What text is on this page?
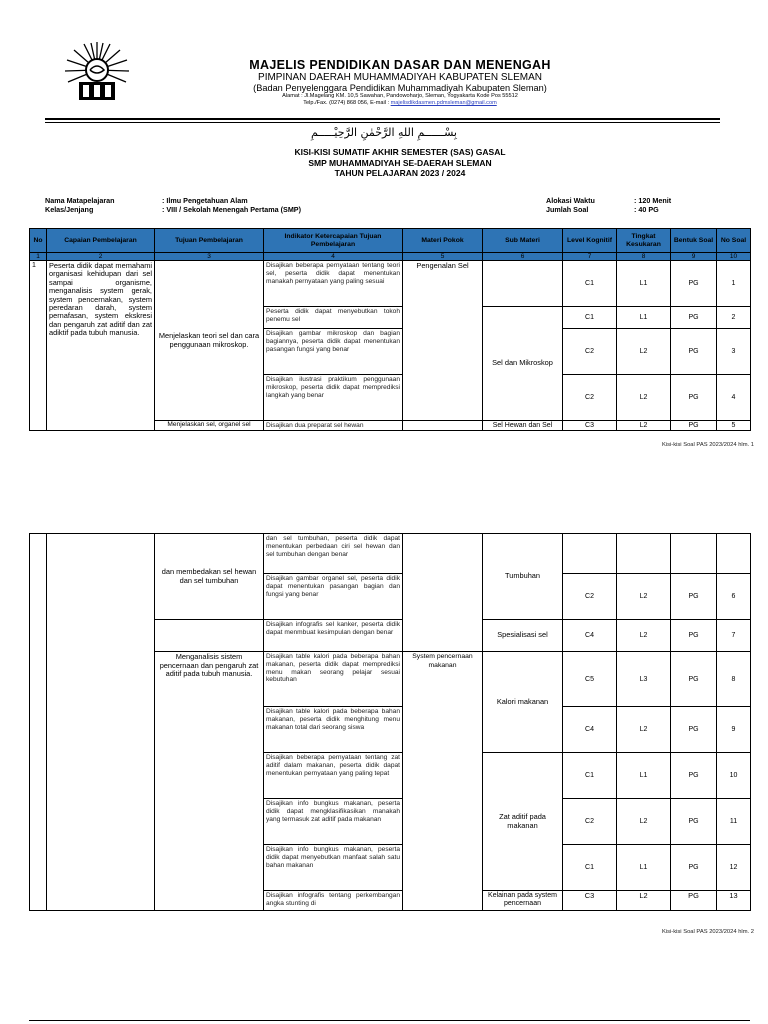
MAJELIS PENDIDIKAN DASAR DAN MENENGAH
PIMPINAN DAERAH MUHAMMADIYAH KABUPATEN SLEMAN
(Badan Penyelenggara Pendidikan Muhammadiyah Kabupaten Sleman)
Alamat : Jl.Magelang KM. 10,5 Sawahan, Pandowoharjo, Sleman, Yogyakarta Kode Pos 55512
Telp./Fax. (0274) 868 056, E-mail : majelisdikdasmen.pdmsleman@gmail.com
بِسْــــــمِ اللهِ الرَّحْمٰنِ الرَّحِيْـــــمِ
KISI-KISI SUMATIF AKHIR SEMESTER (SAS) GASAL
SMP MUHAMMADIYAH SE-DAERAH SLEMAN
TAHUN PELAJARAN 2023 / 2024
Nama Matapelajaran	: Ilmu Pengetahuan Alam
Kelas/Jenjang	: VIII / Sekolah Menengah Pertama (SMP)
Alokasi Waktu	: 120 Menit
Jumlah Soal	: 40 PG
No	Capaian Pembelajaran	Tujuan Pembelajaran	Indikator Ketercapaian Tujuan Pembelajaran	Materi Pokok	Sub Materi	Level Kognitif	Tingkat Kesukaran	Bentuk Soal	No Soal
1	2	3	4	5	6	7	8	9	10
1	Peserta didik dapat memahami organisasi kehidupan dari sel sampai organisme, menganalisis system gerak, system pencernakan, system peredaran darah, system pernafasan, system ekskresi dan pengaruh zat aditif dan zat adiktif pada tubuh manusia.	Menjelaskan teori sel dan cara penggunaan mikroskop.	Disajikan beberapa pernyataan tentang teori sel, peserta didik dapat menentukan manakah pernyataan yang paling sesuai	Pengenalan Sel		C1	L1	PG	1
			Peserta didik dapat menyebutkan tokoh penemu sel		Sel dan Mikroskop	C1	L1	PG	2
			Disajikan gambar mikroskop dan bagian bagiannya, peserta didik dapat menentukan pasangan fungsi yang benar			C2	L2	PG	3
			Disajikan ilustrasi praktikum penggunaan mikroskop, peserta didik dapat memprediksi langkah yang benar			C2	L2	PG	4
		Menjelaskan sel, organel sel	Disajikan dua preparat sel hewan		Sel Hewan dan Sel	C3	L2	PG	5
Kisi-kisi Soal PAS 2023/2024 hlm. 1
		dan membedakan sel hewan dan sel tumbuhan	dan sel tumbuhan, peserta didik dapat menentukan perbedaan ciri sel hewan dan sel tumbuhan dengan benar		Tumbuhan				
			Disajikan gambar organel sel, peserta didik dapat menentukan pasangan bagian dan fungsi yang benar			C2	L2	PG	6
			Disajikan infografis sel kanker, peserta didik dapat menmbuat kesimpulan dengan benar		Spesialisasi sel	C4	L2	PG	7
		Menganalisis sistem pencernaan dan pengaruh zat aditif pada tubuh manusia.	Disajikan table kalori pada beberapa bahan makanan, peserta didik dapat memprediksi menu makan seorang pelajar sesuai kebutuhan	System pencernaan makanan	Kalori makanan	C5	L3	PG	8
			Disajikan table kalori pada beberapa bahan makanan, peserta didik menghitung menu makanan total dari seorang siswa			C4	L2	PG	9
			Disajikan beberapa pernyataan tentang zat aditif dalam makanan, peserta didik dapat menentukan pernyataan yang paling tepat		Zat aditif pada makanan	C1	L1	PG	10
			Disajikan info bungkus makanan, peserta didik dapat mengklasifikasikan manakah yang termasuk zat aditif pada makanan			C2	L2	PG	11
			Disajikan info bungkus makanan, peserta didik dapat menyebutkan manfaat salah satu bahan makanan			C1	L1	PG	12
			Disajikan infografis tentang perkembangan angka stunting di		Kelainan pada system pencernaan	C3	L2	PG	13
Kisi-kisi Soal PAS 2023/2024 hlm. 2
